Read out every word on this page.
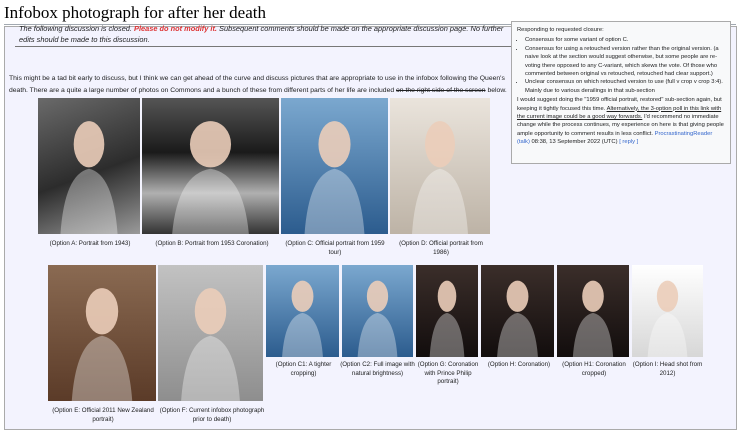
Infobox photograph for after her death
The following discussion is closed. Please do not modify it. Subsequent comments should be made on the appropriate discussion page. No further edits should be made to this discussion.
Responding to requested closure:
• Consensus for some variant of option C.
• Consensus for using a retouched version rather than the original version. (a naive look at the section would suggest otherwise, but some people are re-voting there opposed to any C-variant, which skews the vote. Of those who commented between original vs retouched, retouched had clear support.)
• Unclear consensus on which retouched version to use (full v crop v crop 3:4). Mainly due to various derailings in that sub-section
I would suggest doing the "1959 official portrait, restored" sub-section again, but keeping it tightly focused this time. Alternatively, the 3-option poll in this link with the current image could be a good way forwards. I'd recommend no immediate change while the process continues, my experience on here is that giving people ample opportunity to comment results in less conflict. ProcrastinatingReader (talk) 08:38, 13 September 2022 (UTC) [ reply ]
This might be a tad bit early to discuss, but I think we can get ahead of the curve and discuss pictures that are appropriate to use in the infobox following the Queen's death. There are a quite a large number of photos on Commons and a bunch of these from different parts of her life are included on the right side of the screen below.
(Option A: Portrait from 1943)	(Option B: Portrait from 1953 Coronation)	(Option C: Official portrait from 1959 tour)
(Option D: Official portrait from 1986)
(Option E: Official 2011 New Zealand portrait)
(Option F: Current infobox photograph prior to death)
(Option C1: A tighter cropping)
(Option C2: Full image with natural brightness)
(Option G: Coronation with Prince Philip portrait)
(Option H: Coronation)	(Option H1: Coronation cropped)
(Option I: Head shot from 2012)
